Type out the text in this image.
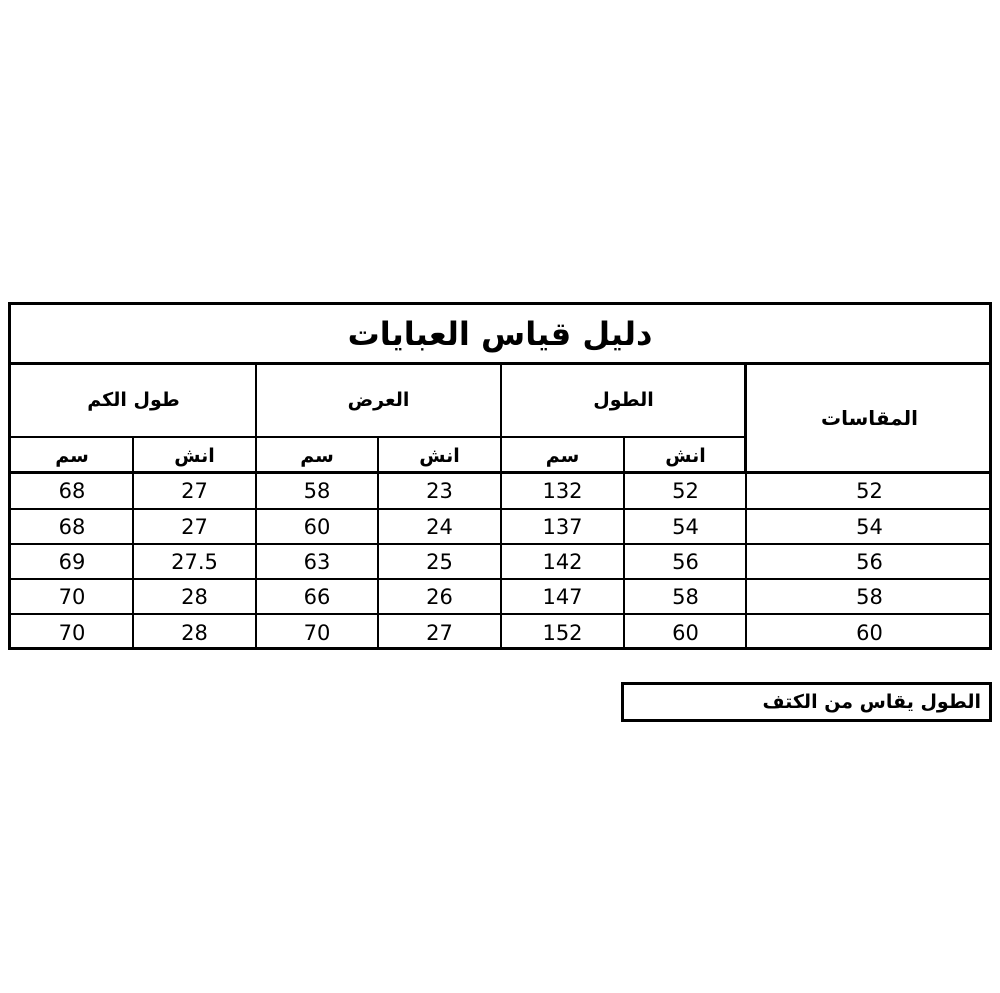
دليل قياس العبايات
المقاسات
الطول
العرض
طول الكم
انش
سم
انش
سم
انش
سم
52
52
132
23
58
27
68
54
54
137
24
60
27
68
56
56
142
25
63
27.5
69
58
58
147
26
66
28
70
60
60
152
27
70
28
70
الطول يقاس من الكتف
